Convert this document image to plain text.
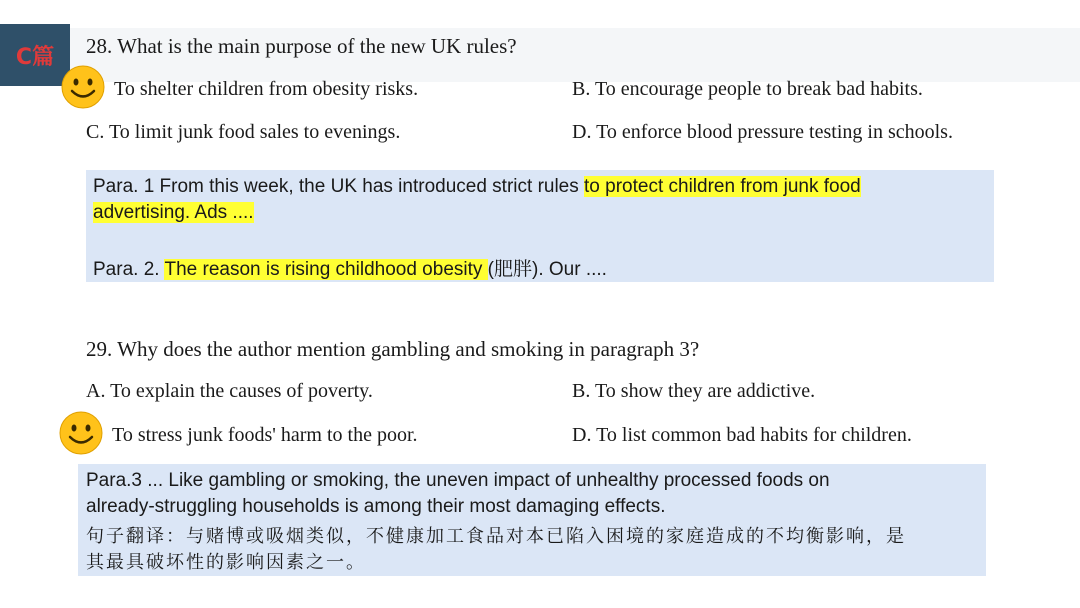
C篇 28. What is the main purpose of the new UK rules?
To shelter children from obesity risks.	B. To encourage people to break bad habits.
C. To limit junk food sales to evenings.	D. To enforce blood pressure testing in schools.
Para. 1 From this week, the UK has introduced strict rules to protect children from junk food
advertising. Ads ....
Para. 2. The reason is rising childhood obesity (肥胖). Our ....
29. Why does the author mention gambling and smoking in paragraph 3?
A. To explain the causes of poverty.	B. To show they are addictive.
To stress junk foods' harm to the poor.	D. To list common bad habits for children.
Para.3 ... Like gambling or smoking, the uneven impact of unhealthy processed foods on
already-struggling households is among their most damaging effects.
句子翻译：与赌博或吸烟类似，不健康加工食品对本已陷入困境的家庭造成的不均衡影响，是
其最具破坏性的影响因素之一。
